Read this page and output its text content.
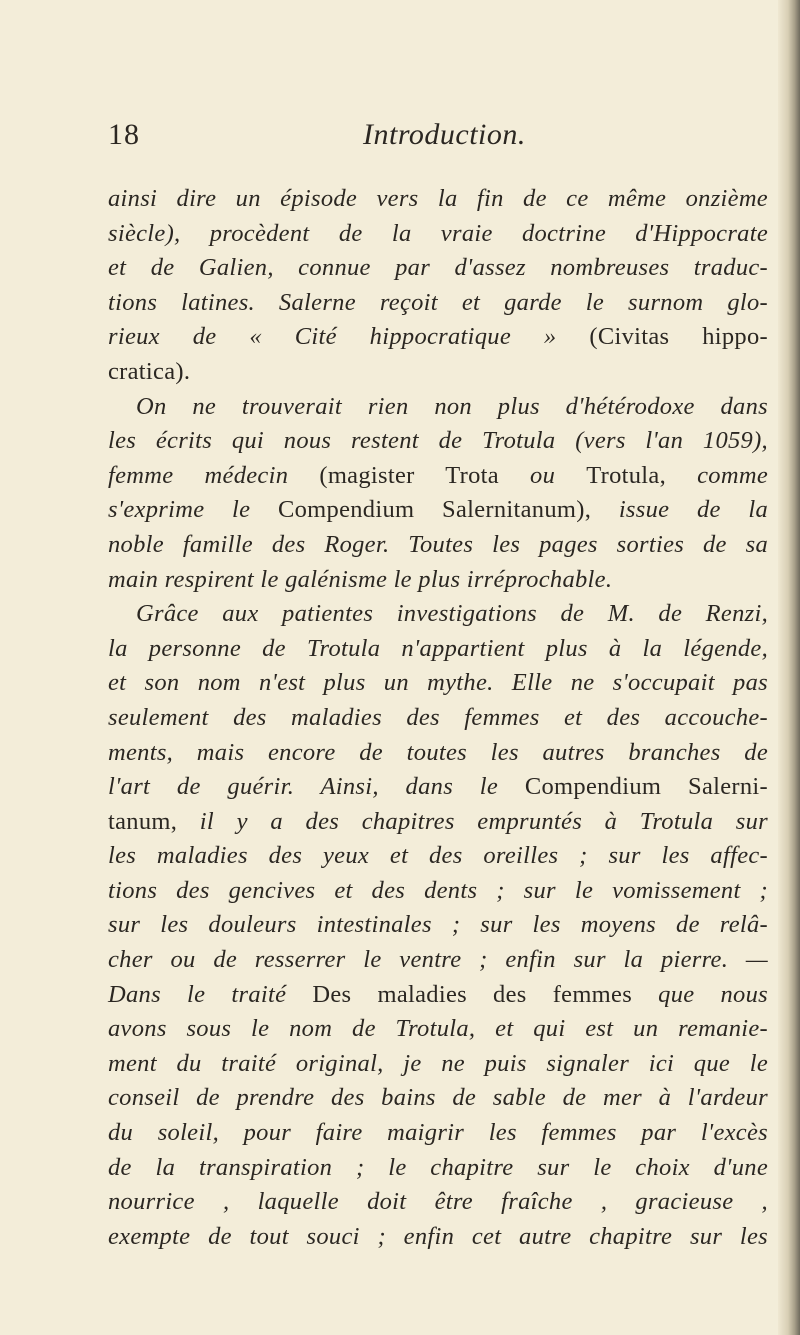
18	Introduction.
ainsi dire un épisode vers la fin de ce même onzième
siècle), procèdent de la vraie doctrine d'Hippocrate
et de Galien, connue par d'assez nombreuses traduc-
tions latines. Salerne reçoit et garde le surnom glo-
rieux de « Cité hippocratique » (Civitas hippo-
cratica).
On ne trouverait rien non plus d'hétérodoxe dans
les écrits qui nous restent de Trotula (vers l'an 1059),
femme médecin (magister Trota ou Trotula, comme
s'exprime le Compendium Salernitanum), issue de la
noble famille des Roger. Toutes les pages sorties de sa
main respirent le galénisme le plus irréprochable.
Grâce aux patientes investigations de M. de Renzi,
la personne de Trotula n'appartient plus à la légende,
et son nom n'est plus un mythe. Elle ne s'occupait pas
seulement des maladies des femmes et des accouche-
ments, mais encore de toutes les autres branches de
l'art de guérir. Ainsi, dans le Compendium Salerni-
tanum, il y a des chapitres empruntés à Trotula sur
les maladies des yeux et des oreilles ; sur les affec-
tions des gencives et des dents ; sur le vomissement ;
sur les douleurs intestinales ; sur les moyens de relâ-
cher ou de resserrer le ventre ; enfin sur la pierre. —
Dans le traité Des maladies des femmes que nous
avons sous le nom de Trotula, et qui est un remanie-
ment du traité original, je ne puis signaler ici que le
conseil de prendre des bains de sable de mer à l'ardeur
du soleil, pour faire maigrir les femmes par l'excès
de la transpiration ; le chapitre sur le choix d'une
nourrice , laquelle doit être fraîche , gracieuse ,
exempte de tout souci ; enfin cet autre chapitre sur les
